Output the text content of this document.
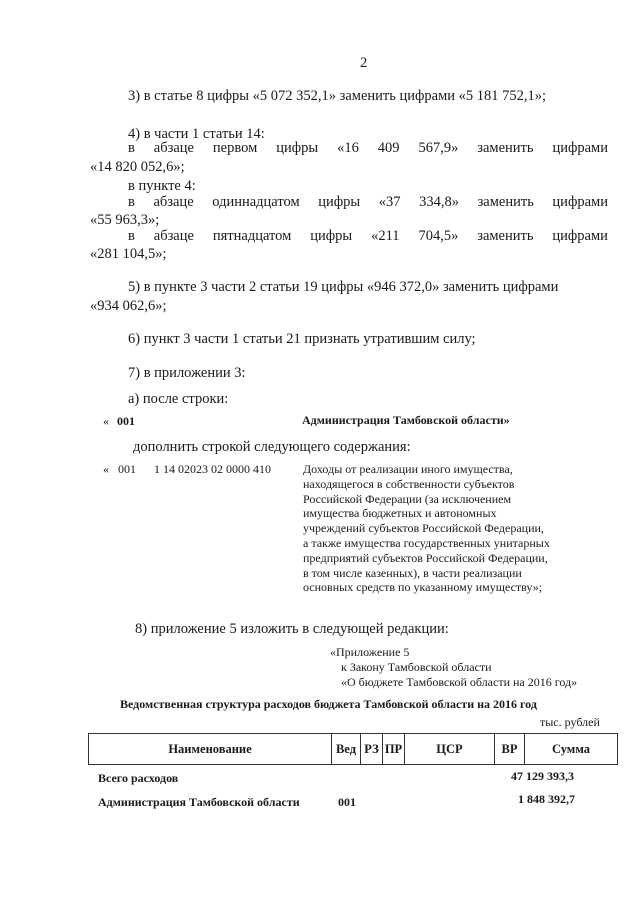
2
3) в статье 8 цифры «5 072 352,1» заменить цифрами «5 181 752,1»;
4) в части 1 статьи 14:
в абзаце первом цифры «16 409 567,9» заменить цифрами
«14 820 052,6»;
в пункте 4:
в абзаце одиннадцатом цифры «37 334,8» заменить цифрами
«55 963,3»;
в абзаце пятнадцатом цифры «211 704,5» заменить цифрами
«281 104,5»;
5) в пункте 3 части 2 статьи 19 цифры «946 372,0» заменить цифрами
«934 062,6»;
6) пункт 3 части 1 статьи 21 признать утратившим силу;
7) в приложении 3:
а) после строки:
« 001	Администрация Тамбовской области»
дополнить строкой следующего содержания:
« 001 1 14 02023 02 0000 410	Доходы от реализации иного имущества,
находящегося в собственности субъектов
Российской Федерации (за исключением
имущества бюджетных и автономных
учреждений субъектов Российской Федерации,
а также имущества государственных унитарных
предприятий субъектов Российской Федерации,
в том числе казенных), в части реализации
основных средств по указанному имуществу»;
8) приложение 5 изложить в следующей редакции:
«Приложение 5
к Закону Тамбовской области
«О бюджете Тамбовской области на 2016 год»
Ведомственная структура расходов бюджета Тамбовской области на 2016 год
тыс. рублей
Наименование	Вед РЗ ПР	ЦСР	ВР	Сумма
Всего расходов	47 129 393,3
Администрация Тамбовской области	001	1 848 392,7
